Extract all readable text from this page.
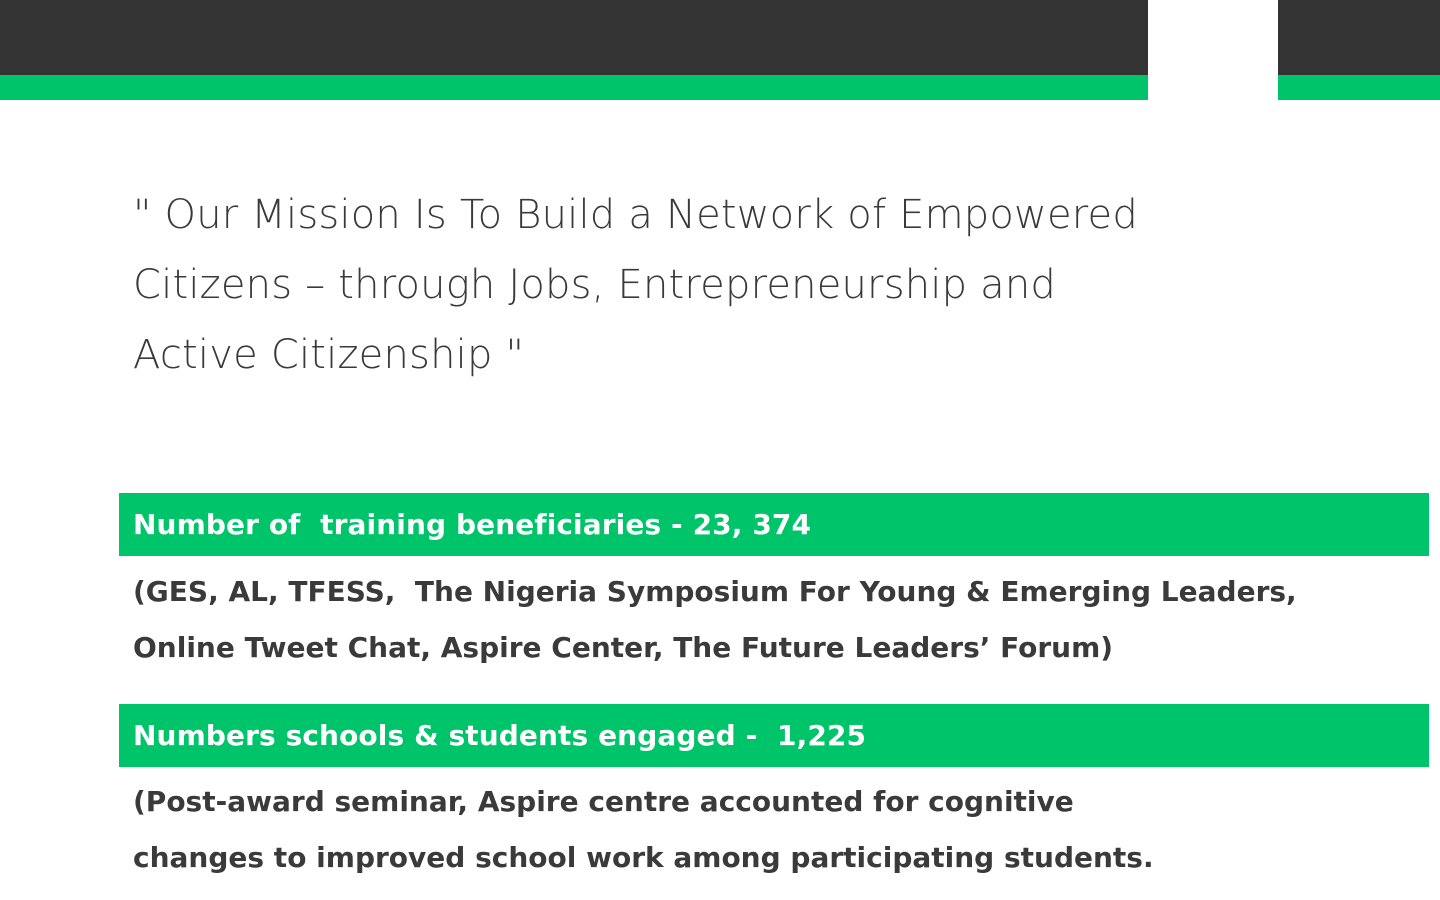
" Our Mission Is To Build a Network of Empowered
Citizens – through Jobs, Entrepreneurship and
Active Citizenship "

Number of  training beneficiaries - 23, 374

(GES, AL, TFESS,  The Nigeria Symposium For Young & Emerging Leaders,
Online Tweet Chat, Aspire Center, The Future Leaders’ Forum)

Numbers schools & students engaged -  1,225

(Post-award seminar, Aspire centre accounted for cognitive
changes to improved school work among participating students.
